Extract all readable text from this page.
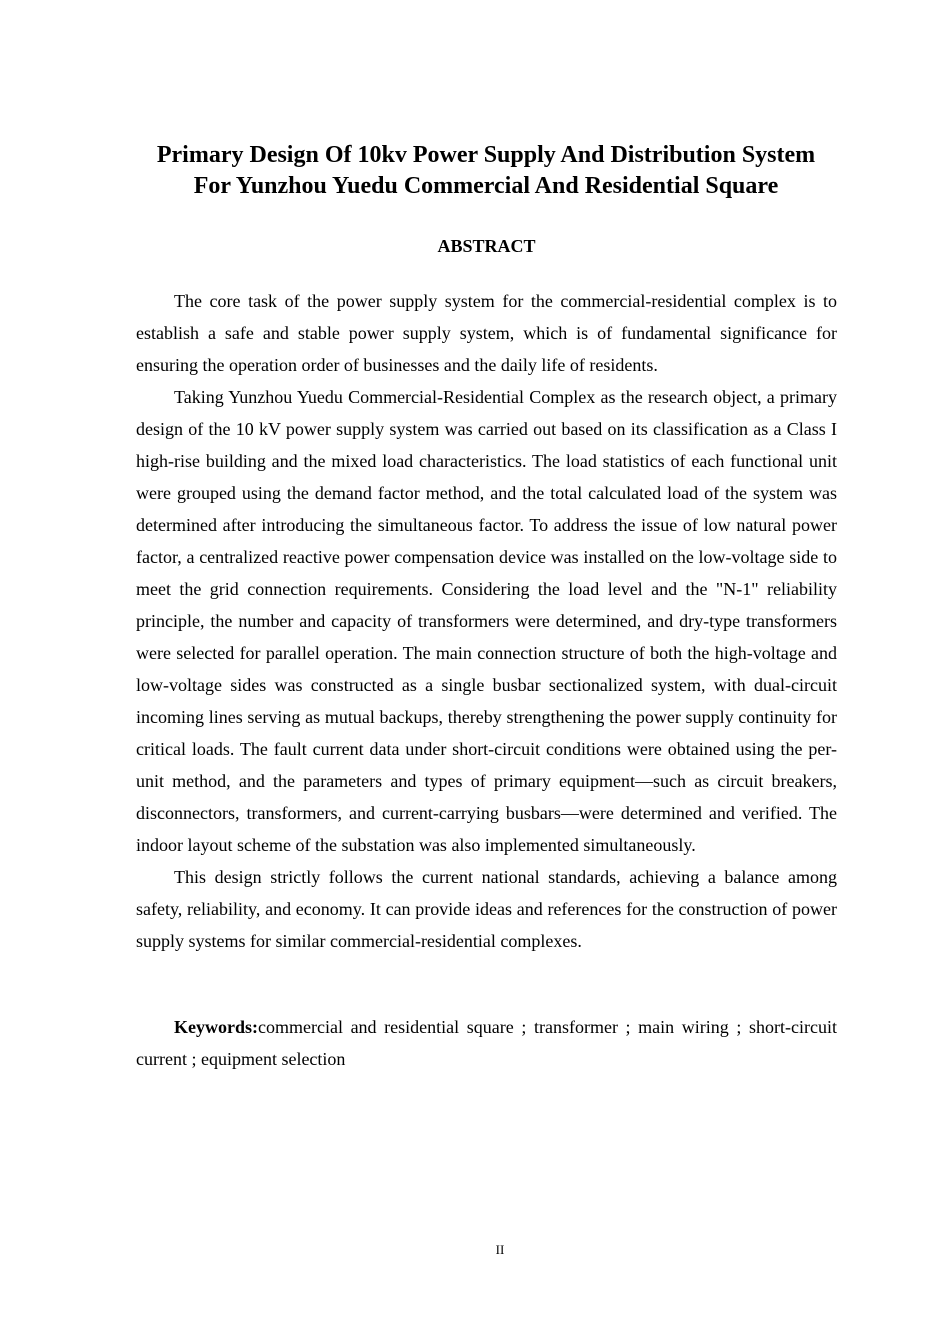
Primary Design Of 10kv Power Supply And Distribution System
For Yunzhou Yuedu Commercial And Residential Square
ABSTRACT

The core task of the power supply system for the commercial-residential complex is to establish a safe and stable power supply system, which is of fundamental significance for ensuring the operation order of businesses and the daily life of residents.

Taking Yunzhou Yuedu Commercial-Residential Complex as the research object, a primary design of the 10 kV power supply system was carried out based on its classification as a Class I high-rise building and the mixed load characteristics. The load statistics of each functional unit were grouped using the demand factor method, and the total calculated load of the system was determined after introducing the simultaneous factor. To address the issue of low natural power factor, a centralized reactive power compensation device was installed on the low-voltage side to meet the grid connection requirements. Considering the load level and the "N-1" reliability principle, the number and capacity of transformers were determined, and dry-type transformers were selected for parallel operation. The main connection structure of both the high-voltage and low-voltage sides was constructed as a single busbar sectionalized system, with dual-circuit incoming lines serving as mutual backups, thereby strengthening the power supply continuity for critical loads. The fault current data under short-circuit conditions were obtained using the per-unit method, and the parameters and types of primary equipment—such as circuit breakers, disconnectors, transformers, and current-carrying busbars—were determined and verified. The indoor layout scheme of the substation was also implemented simultaneously.

This design strictly follows the current national standards, achieving a balance among safety, reliability, and economy. It can provide ideas and references for the construction of power supply systems for similar commercial-residential complexes.

Keywords:commercial and residential square ; transformer ; main wiring ; short-circuit current ; equipment selection

II
